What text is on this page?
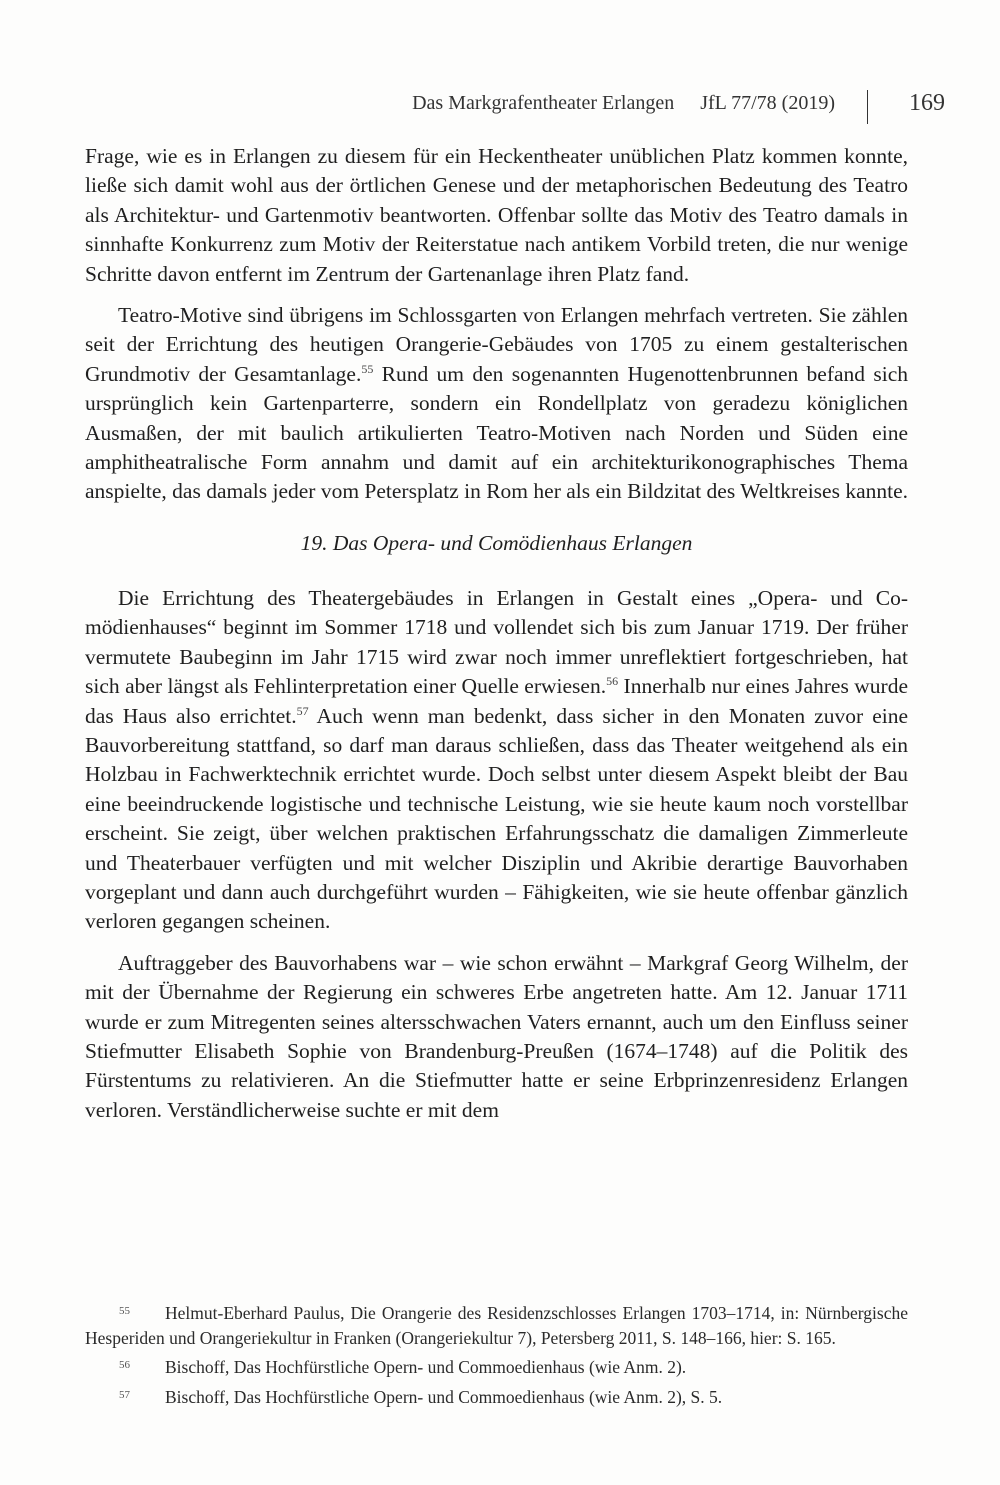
Das Markgrafentheater Erlangen JfL 77/78 (2019)	169

Frage, wie es in Erlangen zu diesem für ein Heckentheater unüblichen Platz kommen konnte, ließe sich damit wohl aus der örtlichen Genese und der metaphorischen Bedeutung des Teatro als Architektur- und Gartenmotiv beantworten. Offenbar sollte das Motiv des Teatro damals in sinnhafte Konkurrenz zum Motiv der Reiterstatue nach antikem Vorbild treten, die nur wenige Schritte davon entfernt im Zentrum der Gartenanlage ihren Platz fand.

Teatro-Motive sind übrigens im Schlossgarten von Erlangen mehrfach vertreten. Sie zählen seit der Errichtung des heutigen Orangerie-Gebäudes von 1705 zu einem gestalterischen Grundmotiv der Gesamtanlage.$^{55}$ Rund um den sogenannten Hugenottenbrunnen befand sich ursprünglich kein Gartenparterre, sondern ein Rondellplatz von geradezu königlichen Ausmaßen, der mit baulich artikulierten Teatro-Motiven nach Norden und Süden eine amphitheatralische Form annahm und damit auf ein architekturikonographisches Thema anspielte, das damals jeder vom Petersplatz in Rom her als ein Bildzitat des Weltkreises kannte.

19. Das Opera- und Comödienhaus Erlangen

Die Errichtung des Theatergebäudes in Erlangen in Gestalt eines „Opera- und Comödienhauses“ beginnt im Sommer 1718 und vollendet sich bis zum Januar 1719. Der früher vermutete Baubeginn im Jahr 1715 wird zwar noch immer unreflektiert fortgeschrieben, hat sich aber längst als Fehlinterpretation einer Quelle erwiesen.$^{56}$ Innerhalb nur eines Jahres wurde das Haus also errichtet.$^{57}$ Auch wenn man bedenkt, dass sicher in den Monaten zuvor eine Bauvorbereitung stattfand, so darf man daraus schließen, dass das Theater weitgehend als ein Holzbau in Fachwerktechnik errichtet wurde. Doch selbst unter diesem Aspekt bleibt der Bau eine beeindruckende logistische und technische Leistung, wie sie heute kaum noch vorstellbar erscheint. Sie zeigt, über welchen praktischen Erfahrungsschatz die damaligen Zimmerleute und Theaterbauer verfügten und mit welcher Disziplin und Akribie derartige Bauvorhaben vorgeplant und dann auch durchgeführt wurden – Fähigkeiten, wie sie heute offenbar gänzlich verloren gegangen scheinen.

Auftraggeber des Bauvorhabens war – wie schon erwähnt – Markgraf Georg Wilhelm, der mit der Übernahme der Regierung ein schweres Erbe angetreten hatte. Am 12. Januar 1711 wurde er zum Mitregenten seines altersschwachen Vaters ernannt, auch um den Einfluss seiner Stiefmutter Elisabeth Sophie von Brandenburg-Preußen (1674–1748) auf die Politik des Fürstentums zu relativieren. An die Stiefmutter hatte er seine Erbprinzenresidenz Erlangen verloren. Verständlicherweise suchte er mit dem

55 Helmut-Eberhard Paulus, Die Orangerie des Residenzschlosses Erlangen 1703–1714, in: Nürnbergische Hesperiden und Orangeriekultur in Franken (Orangeriekultur 7), Petersberg 2011, S. 148–166, hier: S. 165.

56 Bischoff, Das Hochfürstliche Opern- und Commoedienhaus (wie Anm. 2).

57 Bischoff, Das Hochfürstliche Opern- und Commoedienhaus (wie Anm. 2), S. 5.
